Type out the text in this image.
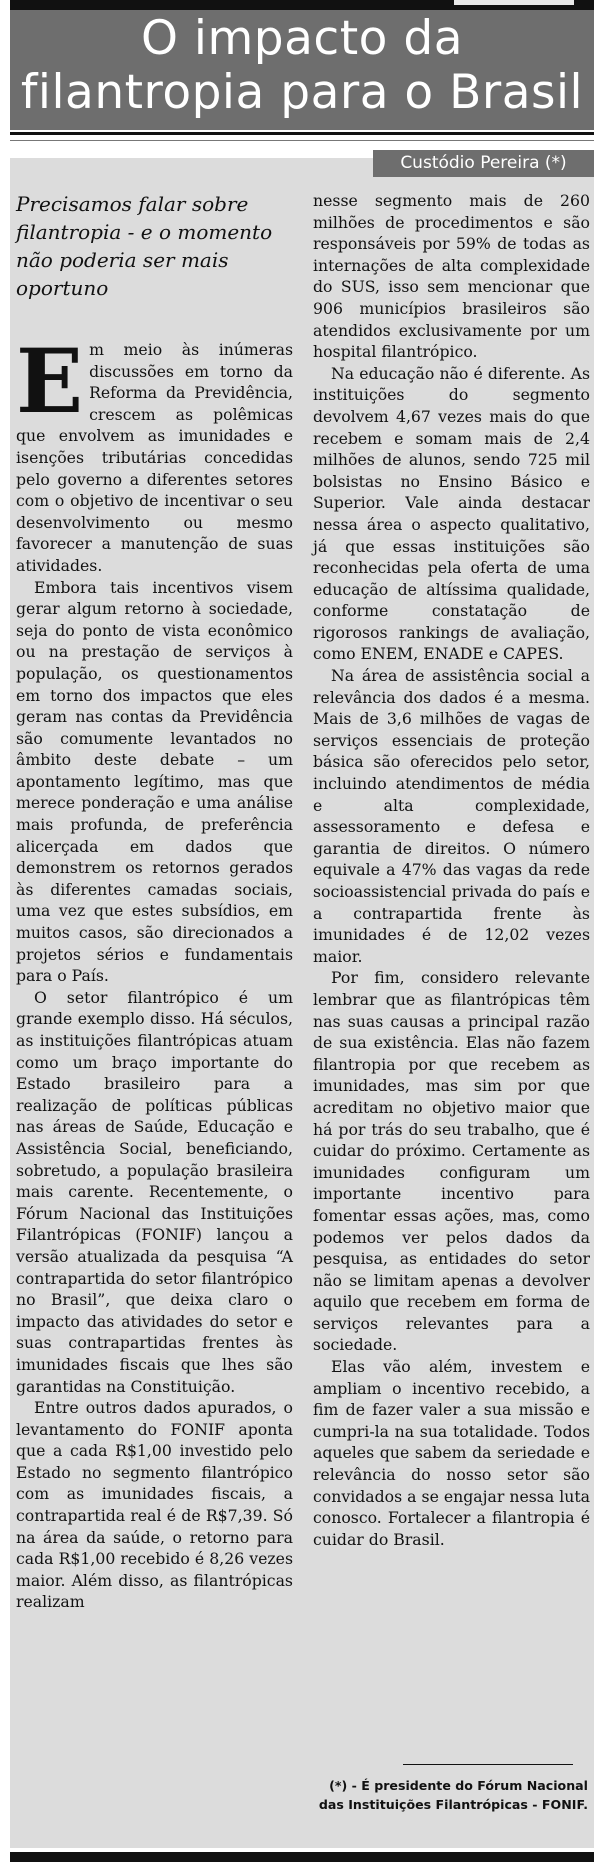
O impacto da
filantropia para o Brasil
Custódio Pereira (*)

Precisamos falar sobre filantropia - e o momento não poderia ser mais oportuno

Em meio às inúmeras discussões em torno da Reforma da Previdência, crescem as polêmicas que envolvem as imunidades e isenções tributárias concedidas pelo governo a diferentes setores com o objetivo de incentivar o seu desenvolvimento ou mesmo favorecer a manutenção de suas atividades.

Embora tais incentivos visem gerar algum retorno à sociedade, seja do ponto de vista econômico ou na prestação de serviços à população, os questionamentos em torno dos impactos que eles geram nas contas da Previdência são comumente levantados no âmbito deste debate – um apontamento legítimo, mas que merece ponderação e uma análise mais profunda, de preferência alicerçada em dados que demonstrem os retornos gerados às diferentes camadas sociais, uma vez que estes subsídios, em muitos casos, são direcionados a projetos sérios e fundamentais para o País.

O setor filantrópico é um grande exemplo disso. Há séculos, as instituições filantrópicas atuam como um braço importante do Estado brasileiro para a realização de políticas públicas nas áreas de Saúde, Educação e Assistência Social, beneficiando, sobretudo, a população brasileira mais carente. Recentemente, o Fórum Nacional das Instituições Filantrópicas (FONIF) lançou a versão atualizada da pesquisa “A contrapartida do setor filantrópico no Brasil”, que deixa claro o impacto das atividades do setor e suas contrapartidas frentes às imunidades fiscais que lhes são garantidas na Constituição.

Entre outros dados apurados, o levantamento do FONIF aponta que a cada R$1,00 investido pelo Estado no segmento filantrópico com as imunidades fiscais, a contrapartida real é de R$7,39. Só na área da saúde, o retorno para cada R$1,00 recebido é 8,26 vezes maior. Além disso, as filantrópicas realizam

nesse segmento mais de 260 milhões de procedimentos e são responsáveis por 59% de todas as internações de alta complexidade do SUS, isso sem mencionar que 906 municípios brasileiros são atendidos exclusivamente por um hospital filantrópico.

Na educação não é diferente. As instituições do segmento devolvem 4,67 vezes mais do que recebem e somam mais de 2,4 milhões de alunos, sendo 725 mil bolsistas no Ensino Básico e Superior. Vale ainda destacar nessa área o aspecto qualitativo, já que essas instituições são reconhecidas pela oferta de uma educação de altíssima qualidade, conforme constatação de rigorosos rankings de avaliação, como ENEM, ENADE e CAPES.

Na área de assistência social a relevância dos dados é a mesma. Mais de 3,6 milhões de vagas de serviços essenciais de proteção básica são oferecidos pelo setor, incluindo atendimentos de média e alta complexidade, assessoramento e defesa e garantia de direitos. O número equivale a 47% das vagas da rede socioassistencial privada do país e a contrapartida frente às imunidades é de 12,02 vezes maior.

Por fim, considero relevante lembrar que as filantrópicas têm nas suas causas a principal razão de sua existência. Elas não fazem filantropia por que recebem as imunidades, mas sim por que acreditam no objetivo maior que há por trás do seu trabalho, que é cuidar do próximo. Certamente as imunidades configuram um importante incentivo para fomentar essas ações, mas, como podemos ver pelos dados da pesquisa, as entidades do setor não se limitam apenas a devolver aquilo que recebem em forma de serviços relevantes para a sociedade.

Elas vão além, investem e ampliam o incentivo recebido, a fim de fazer valer a sua missão e cumpri-la na sua totalidade. Todos aqueles que sabem da seriedade e relevância do nosso setor são convidados a se engajar nessa luta conosco. Fortalecer a filantropia é cuidar do Brasil.

(*) - É presidente do Fórum Nacional
das Instituições Filantrópicas - FONIF.
